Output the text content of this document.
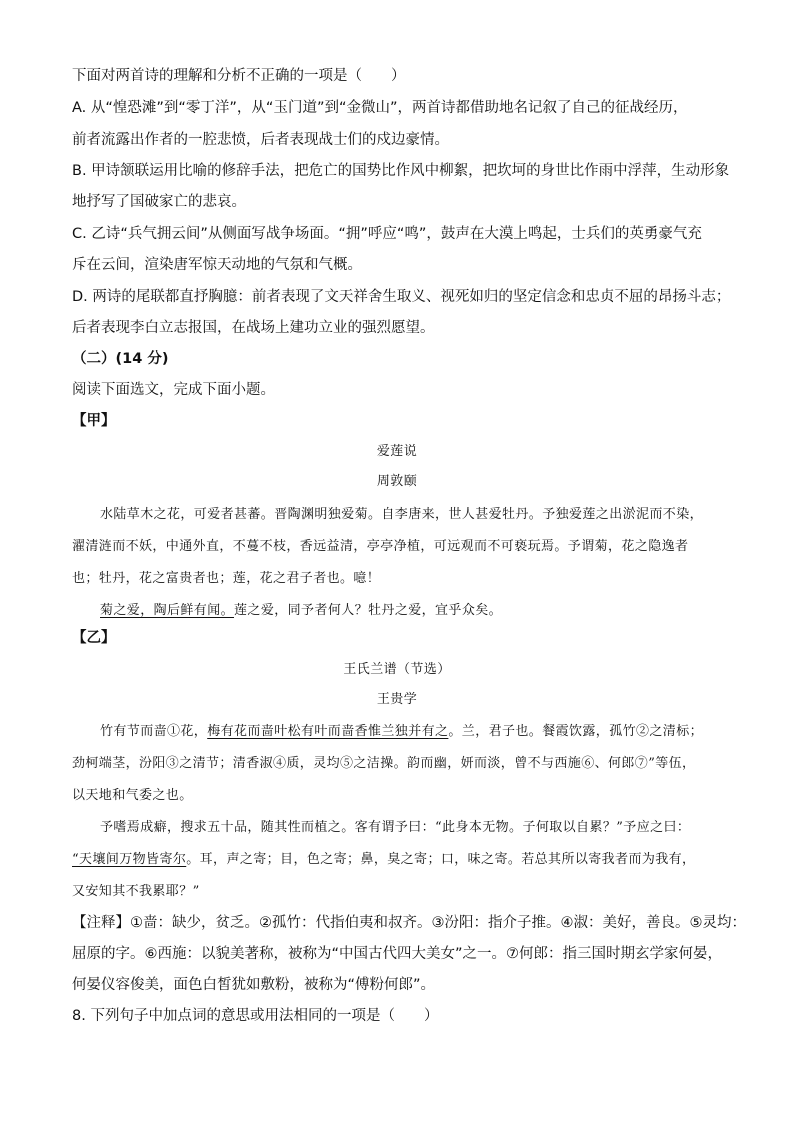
下面对两首诗的理解和分析不正确的一项是（　　）
A. 从“惶恐滩”到“零丁洋”，从“玉门道”到“金微山”，两首诗都借助地名记叙了自己的征战经历，
前者流露出作者的一腔悲愤，后者表现战士们的戍边豪情。
B. 甲诗颔联运用比喻的修辞手法，把危亡的国势比作风中柳絮，把坎坷的身世比作雨中浮萍，生动形象
地抒写了国破家亡的悲哀。
C. 乙诗“兵气拥云间”从侧面写战争场面。“拥”呼应“鸣”，鼓声在大漠上鸣起，士兵们的英勇豪气充
斥在云间，渲染唐军惊天动地的气氛和气概。
D. 两诗的尾联都直抒胸臆：前者表现了文天祥舍生取义、视死如归的坚定信念和忠贞不屈的昂扬斗志；
后者表现李白立志报国，在战场上建功立业的强烈愿望。
（二）(14 分)
阅读下面选文，完成下面小题。
【甲】
爱莲说
周敦颐
水陆草木之花，可爱者甚蕃。晋陶渊明独爱菊。自李唐来，世人甚爱牡丹。予独爱莲之出淤泥而不染，
濯清涟而不妖，中通外直，不蔓不枝，香远益清，亭亭净植，可远观而不可亵玩焉。予谓菊，花之隐逸者
也；牡丹，花之富贵者也；莲，花之君子者也。噫！
菊之爱，陶后鲜有闻。莲之爱，同予者何人？牡丹之爱，宜乎众矣。
【乙】
王氏兰谱（节选）
王贵学
竹有节而啬①花，梅有花而啬叶松有叶而啬香惟兰独并有之。兰，君子也。餐霞饮露，孤竹②之清标；
劲柯端茎，汾阳③之清节；清香淑④质，灵均⑤之洁操。韵而幽，妍而淡，曾不与西施⑥、何郎⑦”等伍，
以天地和气委之也。
予嗜焉成癖，搜求五十品，随其性而植之。客有谓予曰：“此身本无物。子何取以自累？”予应之曰：
“天壤间万物皆寄尔。耳，声之寄；目，色之寄；鼻，臭之寄；口，味之寄。若总其所以寄我者而为我有，
又安知其不我累耶？”
【注释】①啬：缺少，贫乏。②孤竹：代指伯夷和叔齐。③汾阳：指介子推。④淑：美好，善良。⑤灵均：
屈原的字。⑥西施：以貌美著称，被称为“中国古代四大美女”之一。⑦何郎：指三国时期玄学家何晏，
何晏仪容俊美，面色白皙犹如敷粉，被称为“傅粉何郎”。
8. 下列句子中加点词的意思或用法相同的一项是（　　）
